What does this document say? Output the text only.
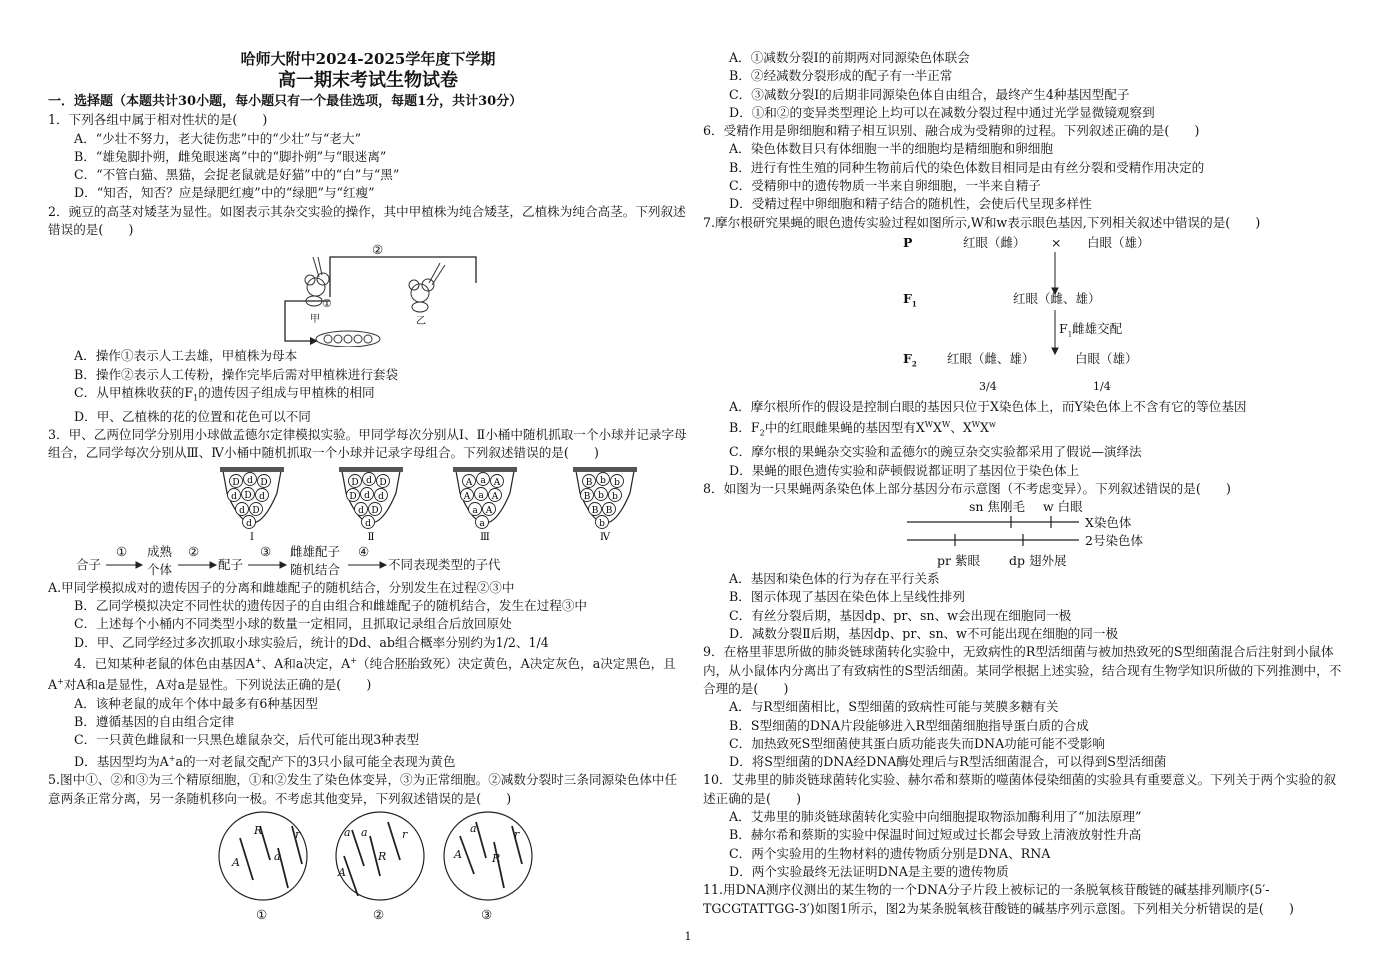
哈师大附中2024-2025学年度下学期
高一期末考试生物试卷
一．选择题（本题共计30小题，每小题只有一个最佳选项，每题1分，共计30分）
1．下列各组中属于相对性状的是(　　)
A．“少壮不努力，老大徒伤悲”中的“少壮”与“老大”
B．“雄兔脚扑朔，雌兔眼迷离”中的“脚扑朔”与“眼迷离”
C．“不管白猫、黑猫，会捉老鼠就是好猫”中的“白”与“黑”
D．“知否，知否？应是绿肥红瘦”中的“绿肥”与“红瘦”
2．豌豆的高茎对矮茎为显性。如图表示其杂交实验的操作，其中甲植株为纯合矮茎，乙植株为纯合高茎。下列叙述错误的是(　　)
②
①
甲	乙
A．操作①表示人工去雄，甲植株为母本
B．操作②表示人工传粉，操作完毕后需对甲植株进行套袋
C．从甲植株收获的$F_1$的遗传因子组成与甲植株的相同
D．甲、乙植株的花的位置和花色可以不同
3．甲、乙两位同学分别用小球做孟德尔定律模拟实验。甲同学每次分别从Ⅰ、Ⅱ小桶中随机抓取一个小球并记录字母组合，乙同学每次分别从Ⅲ、Ⅳ小桶中随机抓取一个小球并记录字母组合。下列叙述错误的是(　　)
D d D
d D d
d D
d
Ⅰ
D d D
D d d
d D
d
Ⅱ
A a A
A a A
a A
a
Ⅲ
B b b
B b b
B B
b
Ⅳ
合子
① 成熟
个体
②
配子
③ 雌雄配子
随机结合
④
不同表现类型的子代
A.甲同学模拟成对的遗传因子的分离和雌雄配子的随机结合，分别发生在过程②③中
B．乙同学模拟决定不同性状的遗传因子的自由组合和雌雄配子的随机结合，发生在过程③中
C．上述每个小桶内不同类型小球的数量一定相同，且抓取记录组合后放回原处
D．甲、乙同学经过多次抓取小球实验后，统计的Dd、ab组合概率分别约为1/2、1/4
4．已知某种老鼠的体色由基因A+、A和a决定，A+（纯合胚胎致死）决定黄色，A决定灰色，a决定黑色，且A+对A和a是显性，A对a是显性。下列说法正确的是(　　)
A．该种老鼠的成年个体中最多有6种基因型
B．遵循基因的自由组合定律
C．一只黄色雌鼠和一只黑色雄鼠杂交，后代可能出现3种表型
D．基因型均为A+a的一对老鼠交配产下的3只小鼠可能全表现为黄色
5.图中①、②和③为三个精原细胞，①和②发生了染色体变异，③为正常细胞。②减数分裂时三条同源染色体中任意两条正常分离，另一条随机移向一极。不考虑其他变异，下列叙述错误的是(　　)
A
R
a
r	a a
A
R
r
A
a
R
r
①	②	③
A．①减数分裂Ⅰ的前期两对同源染色体联会
B．②经减数分裂形成的配子有一半正常
C．③减数分裂Ⅰ的后期非同源染色体自由组合，最终产生4种基因型配子
D．①和②的变异类型理论上均可以在减数分裂过程中通过光学显微镜观察到
6．受精作用是卵细胞和精子相互识别、融合成为受精卵的过程。下列叙述正确的是(　　)
A．染色体数目只有体细胞一半的细胞均是精细胞和卵细胞
B．进行有性生殖的同种生物前后代的染色体数目相同是由有丝分裂和受精作用决定的
C．受精卵中的遗传物质一半来自卵细胞，一半来自精子
D．受精过程中卵细胞和精子结合的随机性，会使后代呈现多样性
7.摩尔根研究果蝇的眼色遗传实验过程如图所示,W和w表示眼色基因,下列相关叙述中错误的是(　　)
P	红眼（雌） × 白眼（雄）
$F_1$	红眼（雌、雄）
$F_1$雌雄交配
$F_2$ 红眼（雌、雄）	白眼（雄）
3/4	1/4
A．摩尔根所作的假设是控制白眼的基因只位于X染色体上，而Y染色体上不含有它的等位基因
B．$F_2$中的红眼雌果蝇的基因型有$X^WX^W$、$X^WX^w$
C．摩尔根的果蝇杂交实验和孟德尔的豌豆杂交实验都采用了假说—演绎法
D．果蝇的眼色遗传实验和萨顿假说都证明了基因位于染色体上
8．如图为一只果蝇两条染色体上部分基因分布示意图（不考虑变异）。下列叙述错误的是(　　)
sn 焦刚毛 w 白眼
X染色体
2号染色体
pr 紫眼 dp 翅外展
A．基因和染色体的行为存在平行关系
B．图示体现了基因在染色体上呈线性排列
C．有丝分裂后期，基因dp、pr、sn、w会出现在细胞同一极
D．减数分裂Ⅱ后期，基因dp、pr、sn、w不可能出现在细胞的同一极
9．在格里菲思所做的肺炎链球菌转化实验中，无致病性的R型活细菌与被加热致死的S型细菌混合后注射到小鼠体内，从小鼠体内分离出了有致病性的S型活细菌。某同学根据上述实验，结合现有生物学知识所做的下列推测中，不合理的是(　　)
A．与R型细菌相比，S型细菌的致病性可能与荚膜多糖有关
B．S型细菌的DNA片段能够进入R型细菌细胞指导蛋白质的合成
C．加热致死S型细菌使其蛋白质功能丧失而DNA功能可能不受影响
D．将S型细菌的DNA经DNA酶处理后与R型活细菌混合，可以得到S型活细菌
10．艾弗里的肺炎链球菌转化实验、赫尔希和蔡斯的噬菌体侵染细菌的实验具有重要意义。下列关于两个实验的叙述正确的是(　　)
A．艾弗里的肺炎链球菌转化实验中向细胞提取物添加酶利用了“加法原理”
B．赫尔希和蔡斯的实验中保温时间过短或过长都会导致上清液放射性升高
C．两个实验用的生物材料的遗传物质分别是DNA、RNA
D．两个实验最终无法证明DNA是主要的遗传物质
11.用DNA测序仪测出的某生物的一个DNA分子片段上被标记的一条脱氧核苷酸链的碱基排列顺序(5′-TGCGTATTGG-3′)如图1所示，图2为某条脱氧核苷酸链的碱基序列示意图。下列相关分析错误的是(　　)
1
